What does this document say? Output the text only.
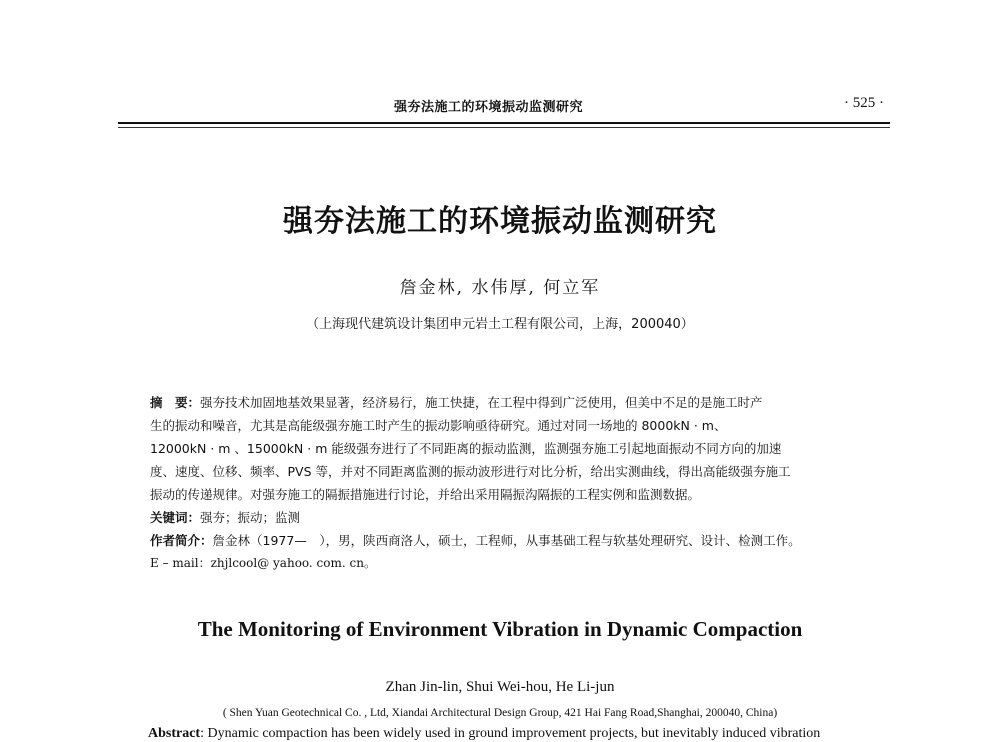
强夯法施工的环境振动监测研究	· 525 ·
强夯法施工的环境振动监测研究
詹金林, 水伟厚, 何立军
（上海现代建筑设计集团申元岩土工程有限公司，上海，200040）

摘　要：强夯技术加固地基效果显著，经济易行，施工快捷，在工程中得到广泛使用，但美中不足的是施工时产

生的振动和噪音，尤其是高能级强夯施工时产生的振动影响亟待研究。通过对同一场地的 8000kN · m、

12000kN · m 、15000kN · m 能级强夯进行了不同距离的振动监测，监测强夯施工引起地面振动不同方向的加速

度、速度、位移、频率、PVS 等，并对不同距离监测的振动波形进行对比分析，给出实测曲线，得出高能级强夯施工

振动的传递规律。对强夯施工的隔振措施进行讨论，并给出采用隔振沟隔振的工程实例和监测数据。

关键词：强夯；振动；监测

作者简介：詹金林（1977—　），男，陕西商洛人，硕士，工程师，从事基础工程与软基处理研究、设计、检测工作。

E – mail：zhjlcool@ yahoo. com. cn。

The Monitoring of Environment Vibration in Dynamic Compaction
Zhan Jin-lin, Shui Wei-hou, He Li-jun
( Shen Yuan Geotechnical Co. , Ltd, Xiandai Architectural Design Group, 421 Hai Fang Road,Shanghai, 200040, China)
Abstract: Dynamic compaction has been widely used in ground improvement projects, but inevitably induced vibration
